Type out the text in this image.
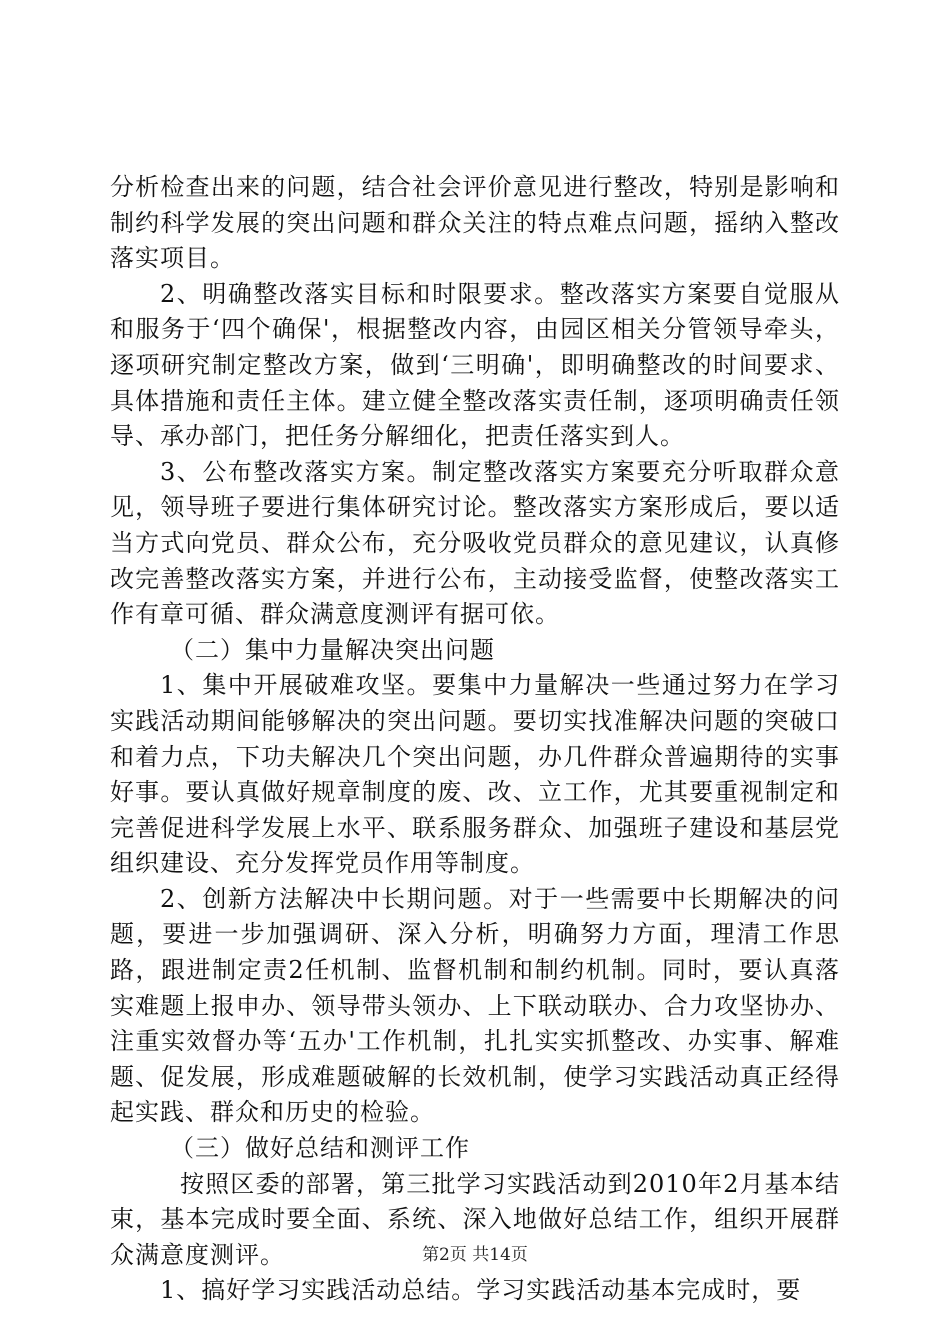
分析检查出来的问题，结合社会评价意见进行整改，特别是影响和制约科学发展的突出问题和群众关注的特点难点问题，摇纳入整改落实项目。

2、明确整改落实目标和时限要求。整改落实方案要自觉服从和服务于‘四个确保'，根据整改内容，由园区相关分管领导牵头，逐项研究制定整改方案，做到‘三明确'，即明确整改的时间要求、具体措施和责任主体。建立健全整改落实责任制，逐项明确责任领导、承办部门，把任务分解细化，把责任落实到人。

3、公布整改落实方案。制定整改落实方案要充分听取群众意见，领导班子要进行集体研究讨论。整改落实方案形成后，要以适当方式向党员、群众公布，充分吸收党员群众的意见建议，认真修改完善整改落实方案，并进行公布，主动接受监督，使整改落实工作有章可循、群众满意度测评有据可依。

（二）集中力量解决突出问题

1、集中开展破难攻坚。要集中力量解决一些通过努力在学习实践活动期间能够解决的突出问题。要切实找准解决问题的突破口和着力点，下功夫解决几个突出问题，办几件群众普遍期待的实事好事。要认真做好规章制度的废、改、立工作，尤其要重视制定和完善促进科学发展上水平、联系服务群众、加强班子建设和基层党组织建设、充分发挥党员作用等制度。

2、创新方法解决中长期问题。对于一些需要中长期解决的问题，要进一步加强调研、深入分析，明确努力方面，理清工作思路，跟进制定责2任机制、监督机制和制约机制。同时，要认真落实难题上报申办、领导带头领办、上下联动联办、合力攻坚协办、注重实效督办等‘五办'工作机制，扎扎实实抓整改、办实事、解难题、促发展，形成难题破解的长效机制，使学习实践活动真正经得起实践、群众和历史的检验。

（三）做好总结和测评工作

按照区委的部署，第三批学习实践活动到2010年2月基本结束，基本完成时要全面、系统、深入地做好总结工作，组织开展群众满意度测评。

1、搞好学习实践活动总结。学习实践活动基本完成时，要

第2页 共14页
